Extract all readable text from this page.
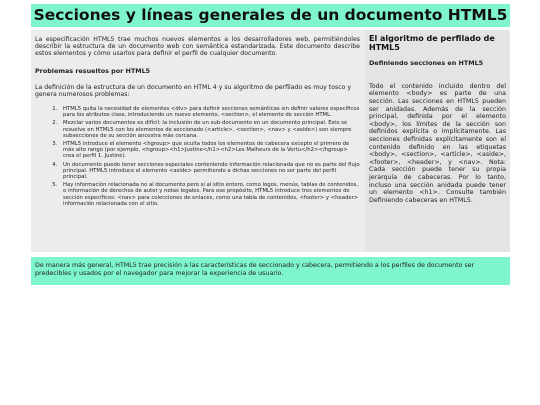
Secciones y líneas generales de un documento HTML5

La especificación HTML5 trae muchos nuevos elementos a los desarrolladores web, permitiéndoles describir la estructura de un documento web con semántica estandarizada. Este documento describe estos elementos y cómo usarlos para definir el perfil de cualquier documento.

Problemas resueltos por HTML5

La definición de la estructura de un documento en HTML 4 y su algoritmo de perfilado es muy tosco y genera numerosos problemas:

1. HTML5 quita la necesidad de elementos <div> para definir secciones semánticas sin definir valores específicos para los atributos class, introduciendo un nuevo elemento, <section>, el elemento de sección HTML.
2. Mezclar varios documentos es difícil: la inclusión de un sub-documento en un documento principal. Esto se resuelve en HTML5 con los elementos de seccionado (<article>, <section>, <nav> y <aside>) son siempre subsecciones de su sección ancestra más cercana.
3. HTML5 introduce el elemento <hgroup> que oculta todos los elementos de cabecera excepto el primero de más alto rango (por ejemplo, <hgroup><h1>Justine</h1><h2>Les Malheurs de la Vertu</h2></hgroup> crea el perfil 1. Justine).
4. Un documento puede tener secciones especiales conteniendo información relacionada que no es parte del flujo principal. HTML5 introduce el elemento <aside> permitiendo a dichas secciones no ser parte del perfil principal.
5. Hay información relacionada no al documento pero sí al sitio entero, como logos, menús, tablas de contenidos, o información de derechos de autor y notas legales. Para ese propósito, HTML5 introduce tres elementos de sección específicos: <nav> para colecciones de enlaces, como una tabla de contenidos, <footer> y <header> información relacionada con el sitio.
El algoritmo de perfilado de HTML5
Definiendo secciones en HTML5

Todo el contenido incluido dentro del elemento <body> es parte de una sección. Las secciones en HTML5 pueden ser anidadas. Además de la sección principal, definida por el elemento <body>, los límites de la sección son definidos explícita o implícitamente. Las secciones definidas explícitamente son el contenido definido en las etiquetas <body>, <section>, <article>, <aside>, <footer>, <header>, y <nav>. Nota: Cada sección puede tener su propia jerarquía de cabeceras. Por lo tanto, incluso una sección anidada puede tener un elemento <h1>. Consulte también Definiendo cabeceras en HTML5.

De manera más general, HTML5 trae precisión a las características de seccionado y cabecera, permitiendo a los perfiles de documento ser predecibles y usados por el navegador para mejorar la experiencia de usuario.
